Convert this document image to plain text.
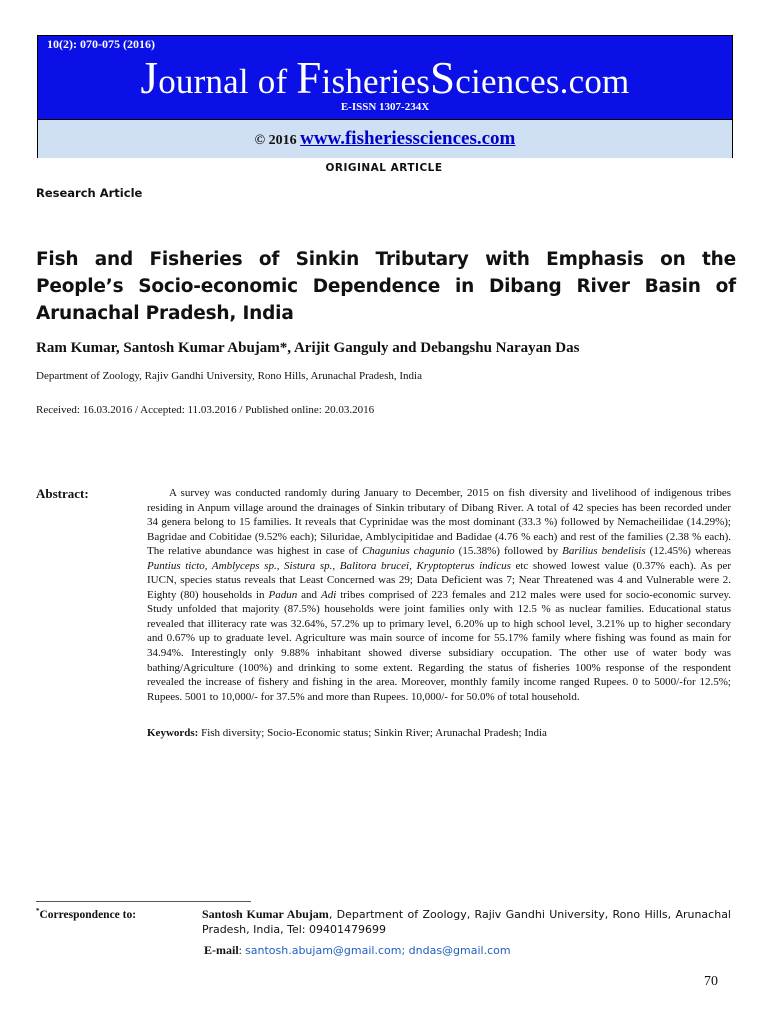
10(2): 070-075 (2016)
Journal of FisheriesSciences.com
E-ISSN 1307-234X
© 2016 www.fisheriessciences.com
ORIGINAL ARTICLE
Research Article
Fish and Fisheries of Sinkin Tributary with Emphasis on the People’s Socio-economic Dependence in Dibang River Basin of Arunachal Pradesh, India
Ram Kumar, Santosh Kumar Abujam*, Arijit Ganguly and Debangshu Narayan Das
Department of Zoology, Rajiv Gandhi University, Rono Hills, Arunachal Pradesh, India
Received: 16.03.2016 / Accepted: 11.03.2016 / Published online: 20.03.2016
Abstract:	A survey was conducted randomly during January to December, 2015 on fish diversity and livelihood of indigenous tribes residing in Anpum village around the drainages of Sinkin tributary of Dibang River. A total of 42 species has been recorded under 34 genera belong to 15 families. It reveals that Cyprinidae was the most dominant (33.3 %) followed by Nemacheilidae (14.29%); Bagridae and Cobitidae (9.52% each); Siluridae, Amblycipitidae and Badidae (4.76 % each) and rest of the families (2.38 % each). The relative abundance was highest in case of Chagunius chagunio (15.38%) followed by Barilius bendelisis (12.45%) whereas Puntius ticto, Amblyceps sp., Sistura sp., Balitora brucei, Kryptopterus indicus etc showed lowest value (0.37% each). As per IUCN, species status reveals that Least Concerned was 29; Data Deficient was 7; Near Threatened was 4 and Vulnerable were 2. Eighty (80) households in Padun and Adi tribes comprised of 223 females and 212 males were used for socio-economic survey. Study unfolded that majority (87.5%) households were joint families only with 12.5 % as nuclear families. Educational status revealed that illiteracy rate was 32.64%, 57.2% up to primary level, 6.20% up to high school level, 3.21% up to higher secondary and 0.67% up to graduate level. Agriculture was main source of income for 55.17% family where fishing was found as main for 34.94%. Interestingly only 9.88% inhabitant showed diverse subsidiary occupation. The other use of water body was bathing/Agriculture (100%) and drinking to some extent. Regarding the status of fisheries 100% response of the respondent revealed the increase of fishery and fishing in the area. Moreover, monthly family income ranged Rupees. 0 to 5000/-for 12.5%; Rupees. 5001 to 10,000/- for 37.5% and more than Rupees. 10,000/- for 50.0% of total household.
Keywords: Fish diversity; Socio-Economic status; Sinkin River; Arunachal Pradesh; India
*Correspondence to:	Santosh Kumar Abujam, Department of Zoology, Rajiv Gandhi University, Rono Hills, Arunachal Pradesh, India, Tel: 09401479699
E-mail: santosh.abujam@gmail.com; dndas@gmail.com
70
